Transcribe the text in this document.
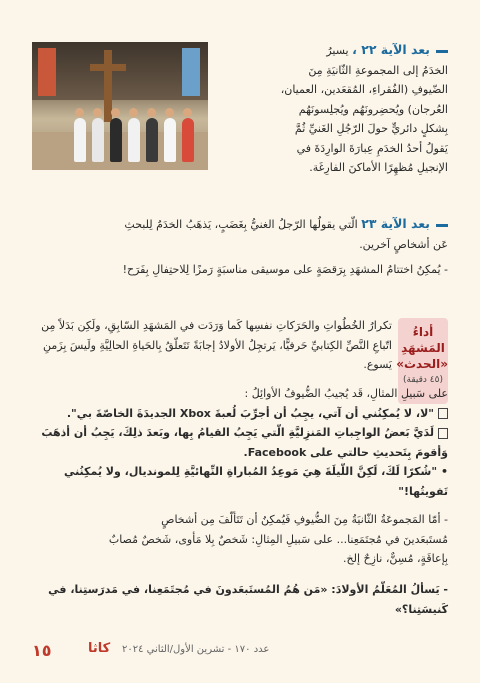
بعد الآية ٢٢ ، يسيرُ
الخدَمُ إلى المجموعةِ الثّانيَةِ مِنَ
الضّيوفِ (الفُقراءِ، المُقعَدين، العميان،
العُرجان) ويُحضِرونَهُم ويُجلِسونَهُم
بِشكلٍ دائريٍّ حولَ الرّجُلِ الغَنيِّ ثُمَّ
يَقولُ أحدُ الخدَمِ عِبارَةَ الوارِدَةَ في
الإنجيلِ مُظهِرًا الأماكنَ الفارِغَة.
بعد الآية ٢٣ الّتي يقولُها الرّجلُ الغنيُّ بِغَضَبٍ، يَذهَبُ الخدَمُ لِلبحثِ
عَن أشخاصٍ آخرين.
- يُمكِنُ اختتامُ المشهَدِ بِرَقصَةٍ على موسيقى مناسبَةٍ رَمزًا لِلاحتِفالِ بِفَرَح!
أداءُ
المَشهَدِ
«الحدث»
(٤٥ دقيقة)
تكرارُ الخُطُواتِ والحَرَكاتِ نفسِها كَما وَرَدَت في المَشهَدِ السّابِقِ، ولَكِن بَدَلاً مِن
اتّباعِ النَّصِّ الكِتابيِّ حَرفيًّا، يَرتجِلُ الأولادُ إجابَةً تَتَعلّقُ بِالحَياةِ الحالِيَّةِ ولَيسَ بِزَمنِ
يَسوع.
على سَبيلِ المثالِ، قَد يُجيبُ الضُّيوفُ الأوائِلُ :
"لا، لا يُمكِنُني أن آتي، يجِبُ أن أجرِّبَ لُعبةَ Xbox الجديدَةَ الخاصّةَ بي".
لَدَيَّ بَعضُ الواجِباتِ المَنزِليَّةِ الّتي يَجِبُ القيامُ بِها، وبَعدَ ذلِكَ، يَجِبُ أن أذهَبَ
وَأقومَ بِتَحديثِ حالتي على Facebook.
• "شُكرًا لَكَ، لَكِنَّ اللّيلَةَ هِيَ مَوعِدُ المُباراةِ النِّهائيَّةِ لِلمونديال، ولا يُمكِنُني
تَفويتُها!"
- أمّا المَجموعَةُ الثّانيَةُ مِنَ الضُّيوفِ فَيُمكِنُ أن تَتَألّفَ مِن أشخاصٍ
مُستَبعَدينَ في مُجتَمَعِنا... على سَبيلِ المِثالِ: شَخصٌ بِلا مَأوى، شَخصٌ مُصابٌ
بِإعاقَةٍ، مُسِنٌّ، نازِحٌ إلخ.
- يَسألُ المُعَلّمُ الأولادَ: «مَن هُمُ المُستَبعَدونَ في مُجتَمَعِنا، في مَدرَستِنا، في
كَنيسَتِنا؟»
١٥	كاثا عدد ١٧٠ - تشرين الأول/الثاني ٢٠٢٤
